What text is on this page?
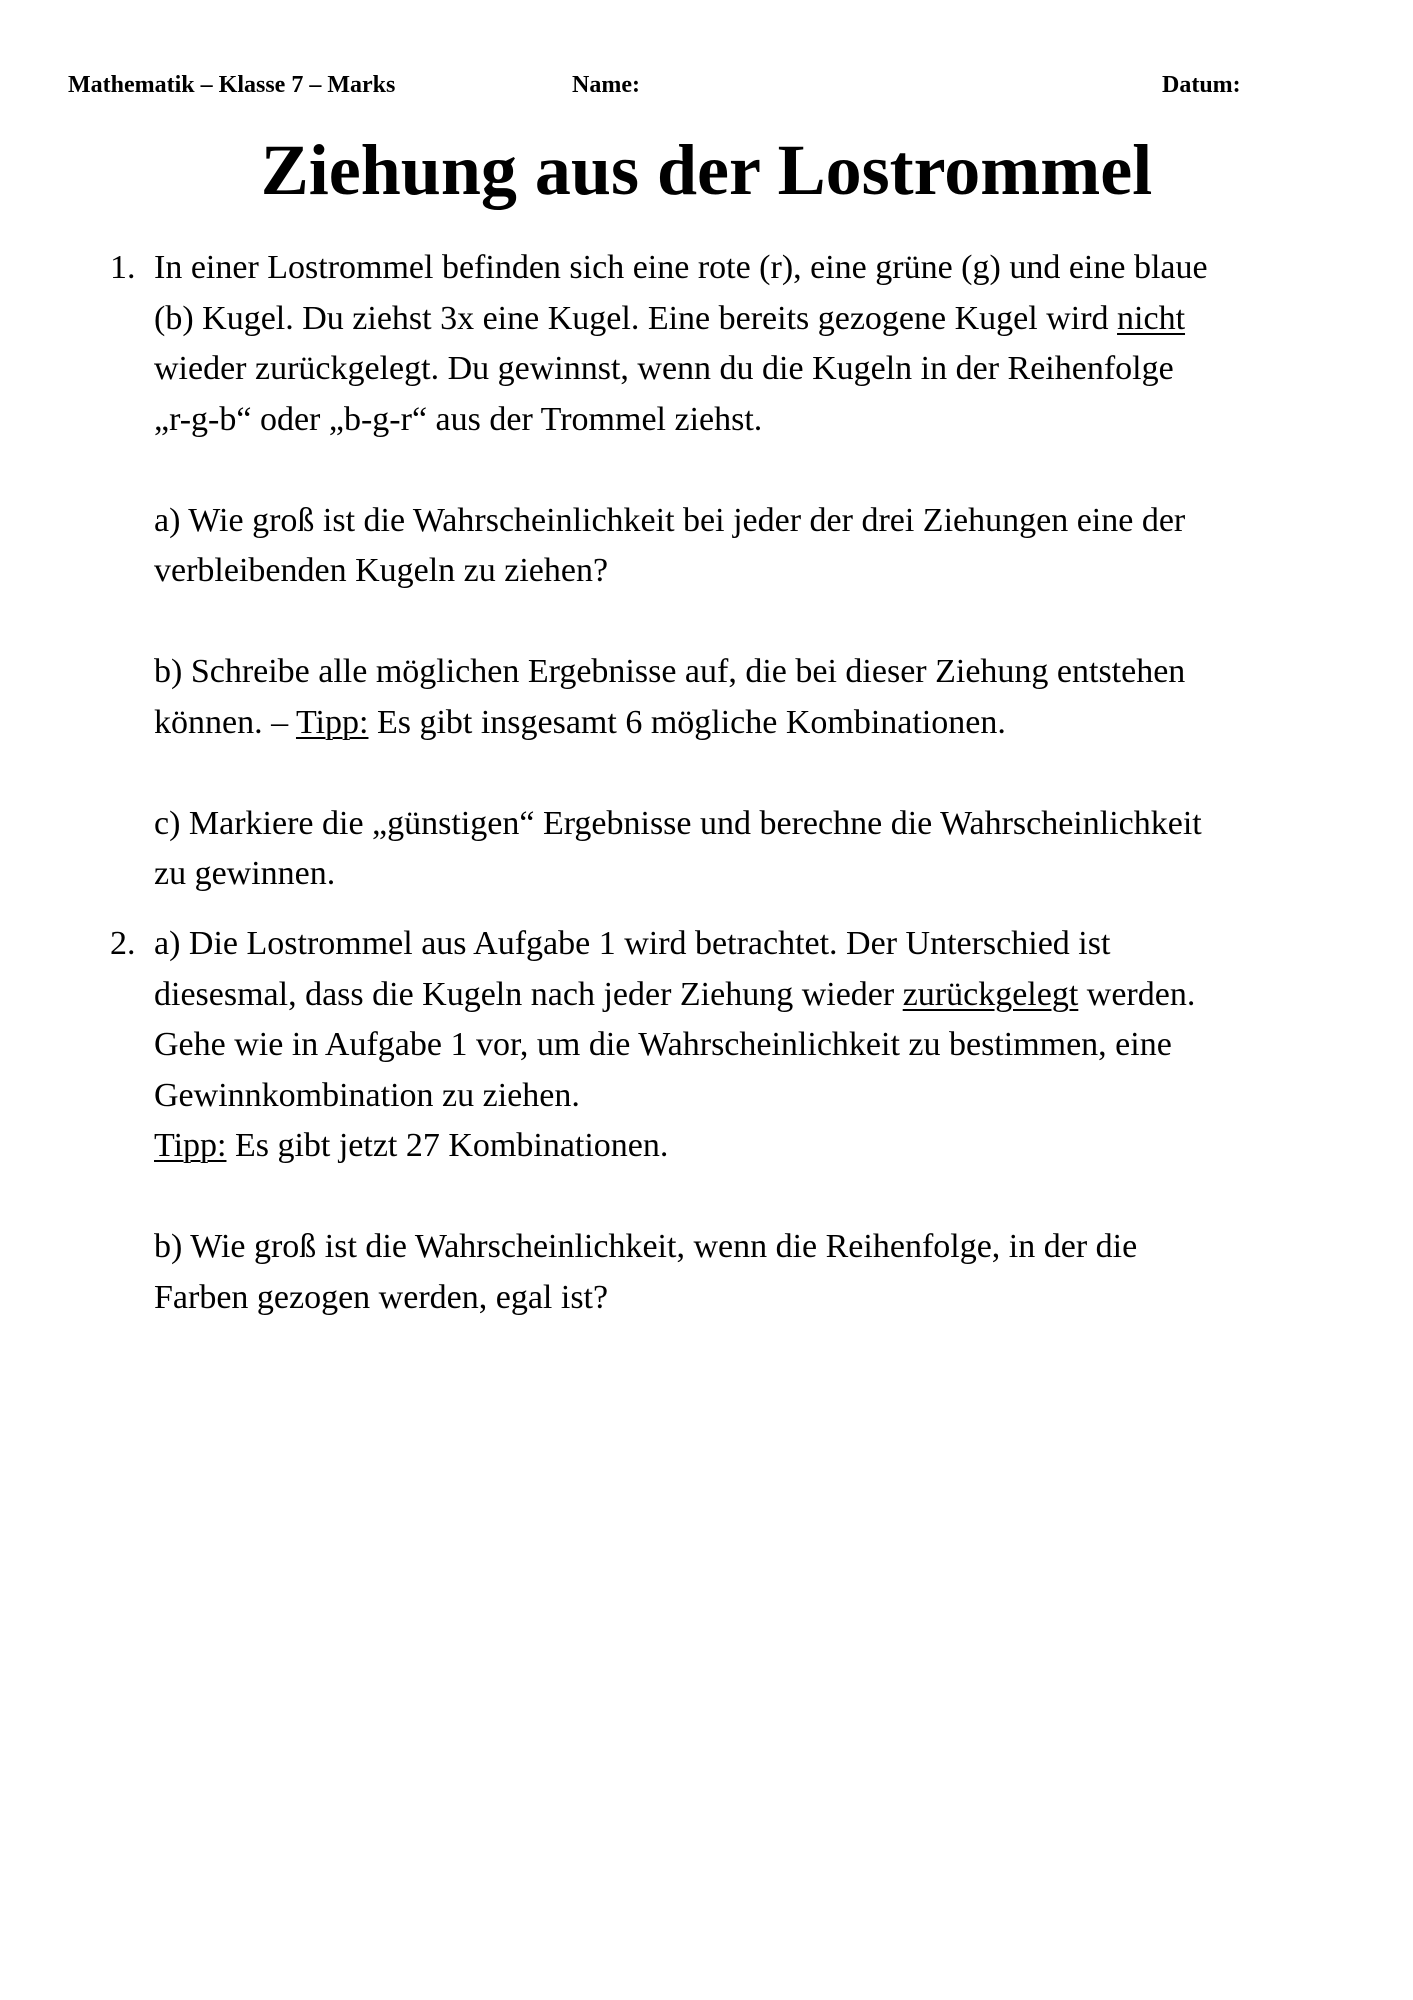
Mathematik – Klasse 7 – Marks	Name:	Datum:
Ziehung aus der Lostrommel
1. In einer Lostrommel befinden sich eine rote (r), eine grüne (g) und eine blaue
(b) Kugel. Du ziehst 3x eine Kugel. Eine bereits gezogene Kugel wird nicht
wieder zurückgelegt. Du gewinnst, wenn du die Kugeln in der Reihenfolge
„r-g-b“ oder „b-g-r“ aus der Trommel ziehst.
a) Wie groß ist die Wahrscheinlichkeit bei jeder der drei Ziehungen eine der
verbleibenden Kugeln zu ziehen?
b) Schreibe alle möglichen Ergebnisse auf, die bei dieser Ziehung entstehen
können. – Tipp: Es gibt insgesamt 6 mögliche Kombinationen.
c) Markiere die „günstigen“ Ergebnisse und berechne die Wahrscheinlichkeit
zu gewinnen.
2. a) Die Lostrommel aus Aufgabe 1 wird betrachtet. Der Unterschied ist
diesesmal, dass die Kugeln nach jeder Ziehung wieder zurückgelegt werden.
Gehe wie in Aufgabe 1 vor, um die Wahrscheinlichkeit zu bestimmen, eine
Gewinnkombination zu ziehen.
Tipp: Es gibt jetzt 27 Kombinationen.
b) Wie groß ist die Wahrscheinlichkeit, wenn die Reihenfolge, in der die
Farben gezogen werden, egal ist?
